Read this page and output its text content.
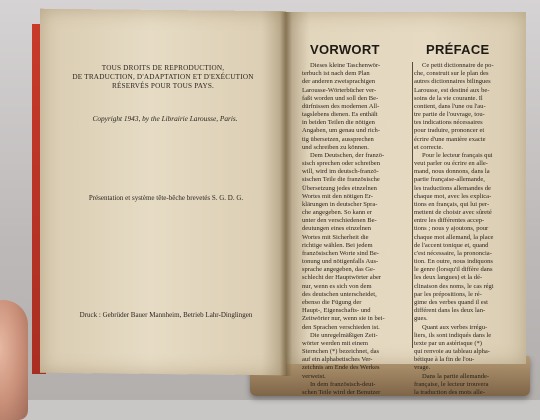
TOUS DROITS DE REPRODUCTION,
DE TRADUCTION, D'ADAPTATION ET D'EXÉCUTION
RÉSERVÉS POUR TOUS PAYS.
Copyright 1943, by the Librairie Larousse, Paris.
Présentation et système tête-bêche brevetés S. G. D. G.
Druck : Gebrüder Bauer Mannheim, Betrieb Lahr-Dinglingen
VORWORT	PRÉFACE
Dieses kleine Taschenwör-
terbuch ist nach dem Plan
der anderen zweisprachigen
Larousse-Wörterbücher ver-
faßt worden und soll den Be-
dürfnissen des modernen All-
tagslebens dienen. Es enthält
in beiden Teilen die nötigen
Angaben, um genau und rich-
tig übersetzen, aussprechen
und schreiben zu können.
Dem Deutschen, der franzö-
sisch sprechen oder schreiben
will, wird im deutsch-franzö-
sischen Teile die französische
Übersetzung jedes einzelnen
Wortes mit den nötigen Er-
klärungen in deutscher Spra-
che angegeben. So kann er
unter den verschiedenen Be-
deutungen eines einzelnen
Wortes mit Sicherheit die
richtige wählen. Bei jedem
französischen Worte sind Be-
tonung und nötigenfalls Aus-
sprache angegeben, das Ge-
schlecht der Hauptwörter aber
nur, wenn es sich von dem
des deutschen unterscheidet,
ebenso die Fügung der
Haupt-, Eigenschafts- und
Zeitwörter nur, wenn sie in bei-
den Sprachen verschieden ist.
Die unregelmäßigen Zeit-
wörter werden mit einem
Sternchen (*) bezeichnet, das
auf ein alphabetisches Ver-
zeichnis am Ende des Werkes
verweist.
In dem französisch-deut-
schen Teile wird der Benutzer
Ce petit dictionnaire de po-
che, construit sur le plan des
autres dictionnaires bilingues
Larousse, est destiné aux be-
soins de la vie courante. Il
contient, dans l'une ou l'au-
tre partie de l'ouvrage, tou-
tes indications nécessaires
pour traduire, prononcer et
écrire d'une manière exacte
et correcte.
Pour le lecteur français qui
veut parler ou écrire en alle-
mand, nous donnons, dans la
partie française-allemande,
les traductions allemandes de
chaque mot, avec les explica-
tions en français, qui lui per-
mettent de choisir avec sûreté
entre les différentes accep-
tions ; nous y ajoutons, pour
chaque mot allemand, la place
de l'accent tonique et, quand
c'est nécessaire, la prononcia-
tion. En outre, nous indiquons
le genre (lorsqu'il diffère dans
les deux langues) et la dé-
clinaison des noms, le cas régi
par les prépositions, le ré-
gime des verbes quand il est
différent dans les deux lan-
gues.
Quant aux verbes irrégu-
liers, ils sont indiqués dans le
texte par un astérisque (*)
qui renvoie au tableau alpha-
bétique à la fin de l'ou-
vrage.
Dans la partie allemande-
française, le lecteur trouvera
la traduction des mots alle-
